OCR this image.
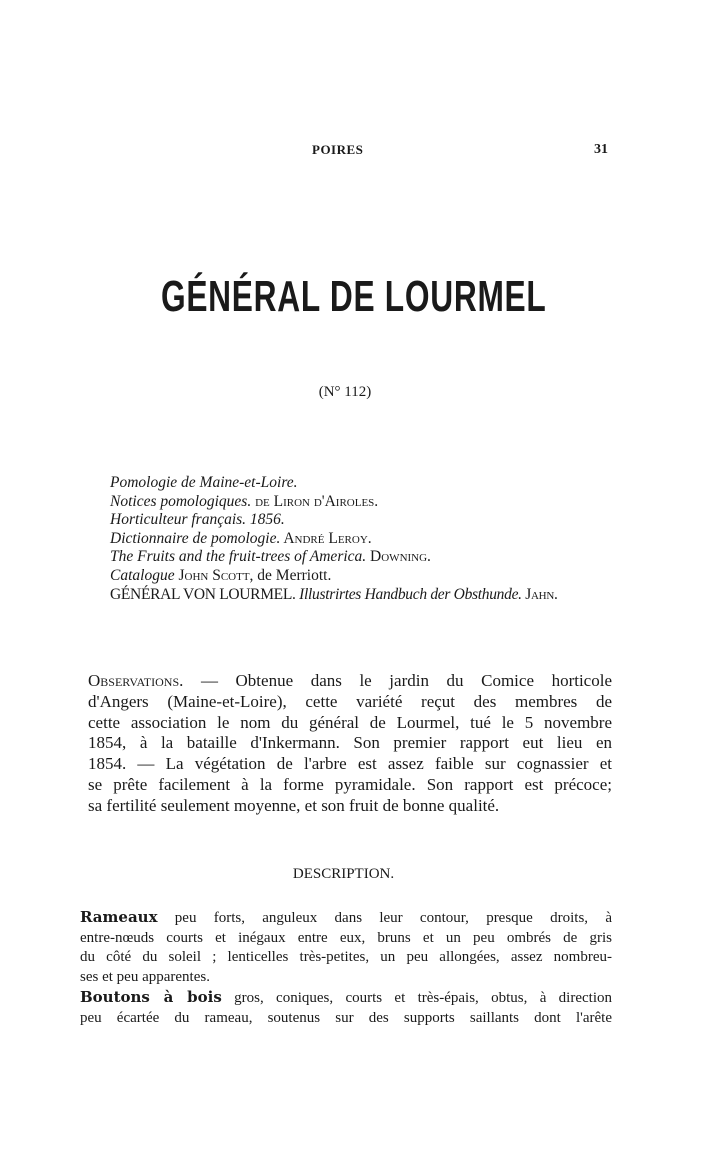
POIRES	31
GÉNÉRAL DE LOURMEL
(N° 112)
Pomologie de Maine-et-Loire.
Notices pomologiques. de Liron d'Airoles.
Horticulteur français. 1856.
Dictionnaire de pomologie. André Leroy.
The Fruits and the fruit-trees of America. Downing.
Catalogue John Scott, de Merriott.
GÉNÉRAL VON LOURMEL. Illustrirtes Handbuch der Obsthunde. Jahn.
Observations. — Obtenue dans le jardin du Comice horticole
d'Angers (Maine-et-Loire), cette variété reçut des membres de
cette association le nom du général de Lourmel, tué le 5 novembre
1854, à la bataille d'Inkermann. Son premier rapport eut lieu en
1854. — La végétation de l'arbre est assez faible sur cognassier et
se prête facilement à la forme pyramidale. Son rapport est précoce;
sa fertilité seulement moyenne, et son fruit de bonne qualité.
DESCRIPTION.
Rameaux peu forts, anguleux dans leur contour, presque droits, à
entre-nœuds courts et inégaux entre eux, bruns et un peu ombrés de gris
du côté du soleil ; lenticelles très-petites, un peu allongées, assez nombreu-
ses et peu apparentes.
Boutons à bois gros, coniques, courts et très-épais, obtus, à direction
peu écartée du rameau, soutenus sur des supports saillants dont l'arête
